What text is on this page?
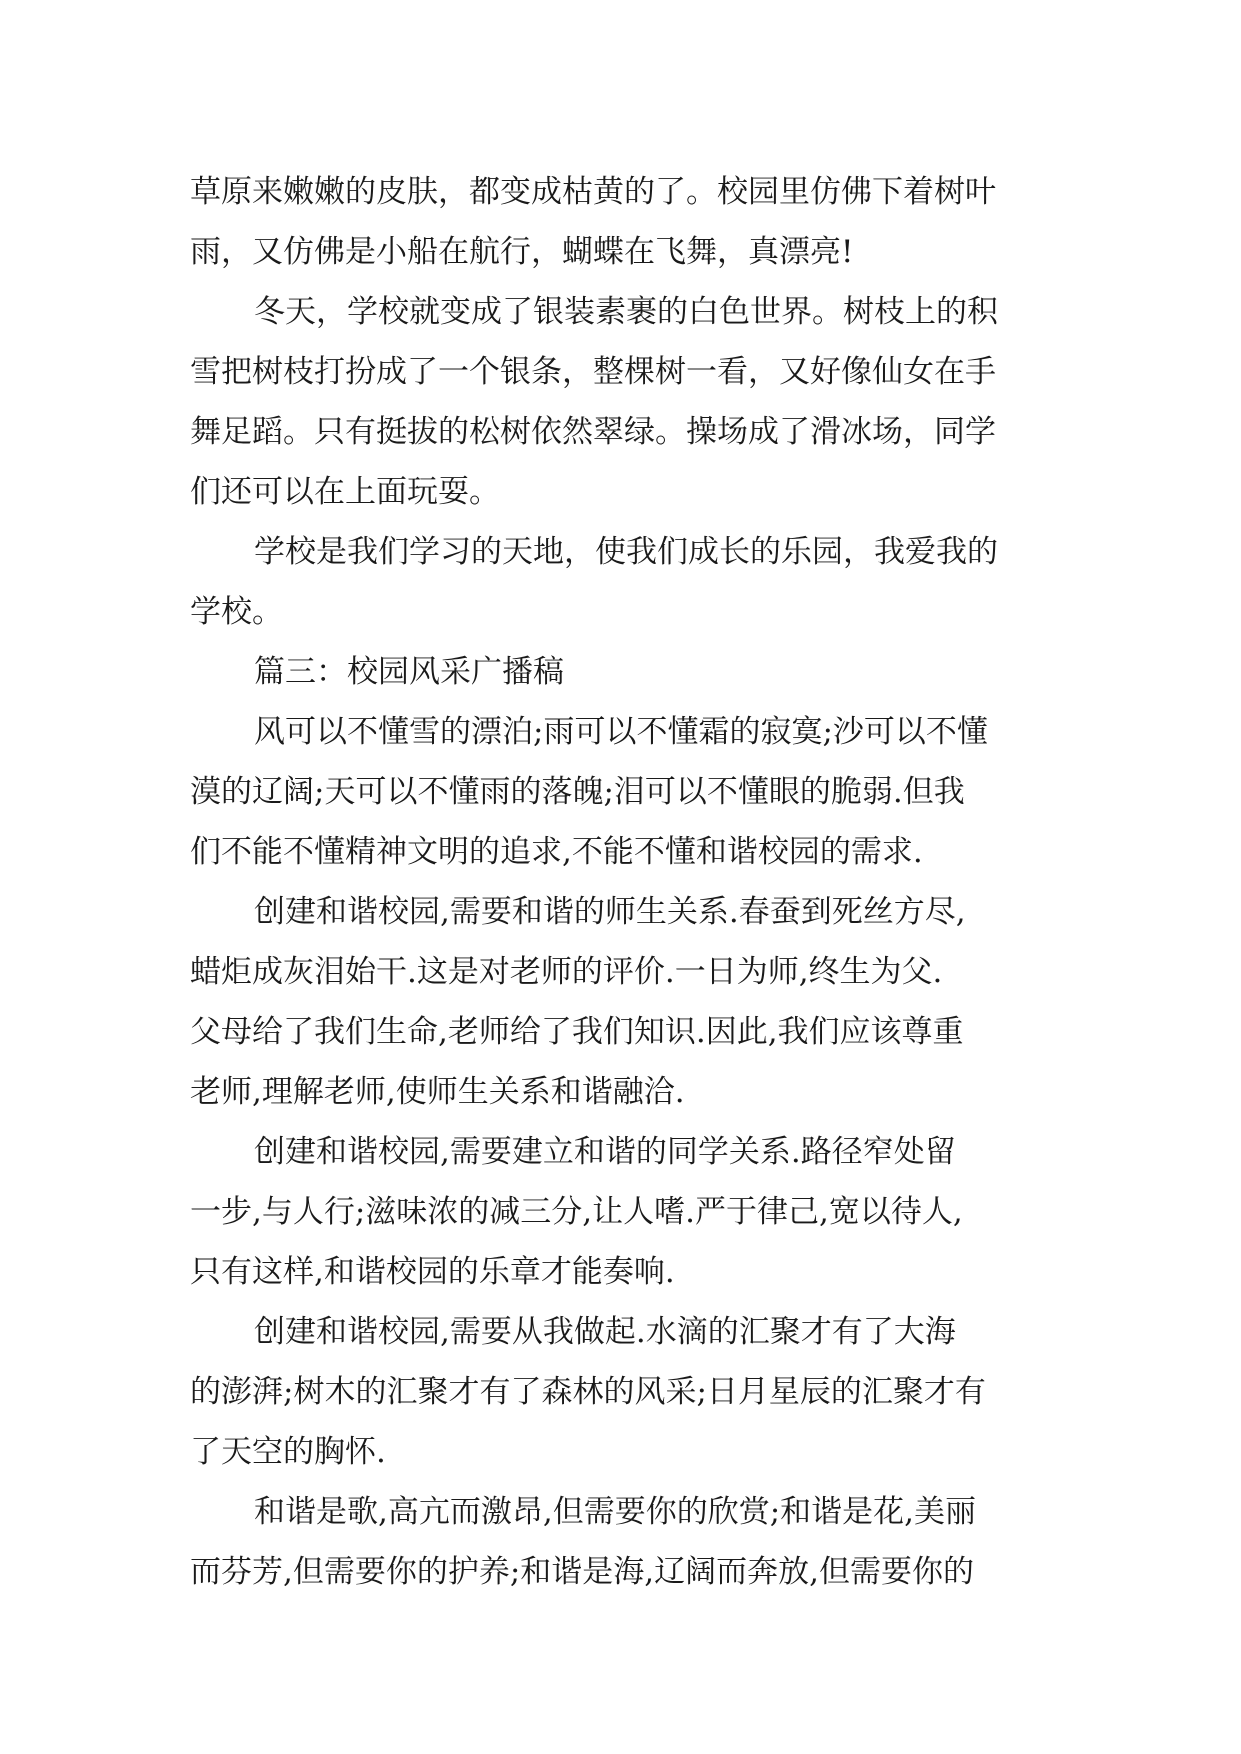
草原来嫩嫩的皮肤，都变成枯黄的了。校园里仿佛下着树叶
雨，又仿佛是小船在航行，蝴蝶在飞舞，真漂亮!
冬天，学校就变成了银装素裹的白色世界。树枝上的积
雪把树枝打扮成了一个银条，整棵树一看，又好像仙女在手
舞足蹈。只有挺拔的松树依然翠绿。操场成了滑冰场，同学
们还可以在上面玩耍。
学校是我们学习的天地，使我们成长的乐园，我爱我的
学校。
篇三：校园风采广播稿
风可以不懂雪的漂泊;雨可以不懂霜的寂寞;沙可以不懂
漠的辽阔;天可以不懂雨的落魄;泪可以不懂眼的脆弱.但我
们不能不懂精神文明的追求,不能不懂和谐校园的需求.
创建和谐校园,需要和谐的师生关系.春蚕到死丝方尽,
蜡炬成灰泪始干.这是对老师的评价.一日为师,终生为父.
父母给了我们生命,老师给了我们知识.因此,我们应该尊重
老师,理解老师,使师生关系和谐融洽.
创建和谐校园,需要建立和谐的同学关系.路径窄处留
一步,与人行;滋味浓的减三分,让人嗜.严于律己,宽以待人,
只有这样,和谐校园的乐章才能奏响.
创建和谐校园,需要从我做起.水滴的汇聚才有了大海
的澎湃;树木的汇聚才有了森林的风采;日月星辰的汇聚才有
了天空的胸怀.
和谐是歌,高亢而激昂,但需要你的欣赏;和谐是花,美丽
而芬芳,但需要你的护养;和谐是海,辽阔而奔放,但需要你的
